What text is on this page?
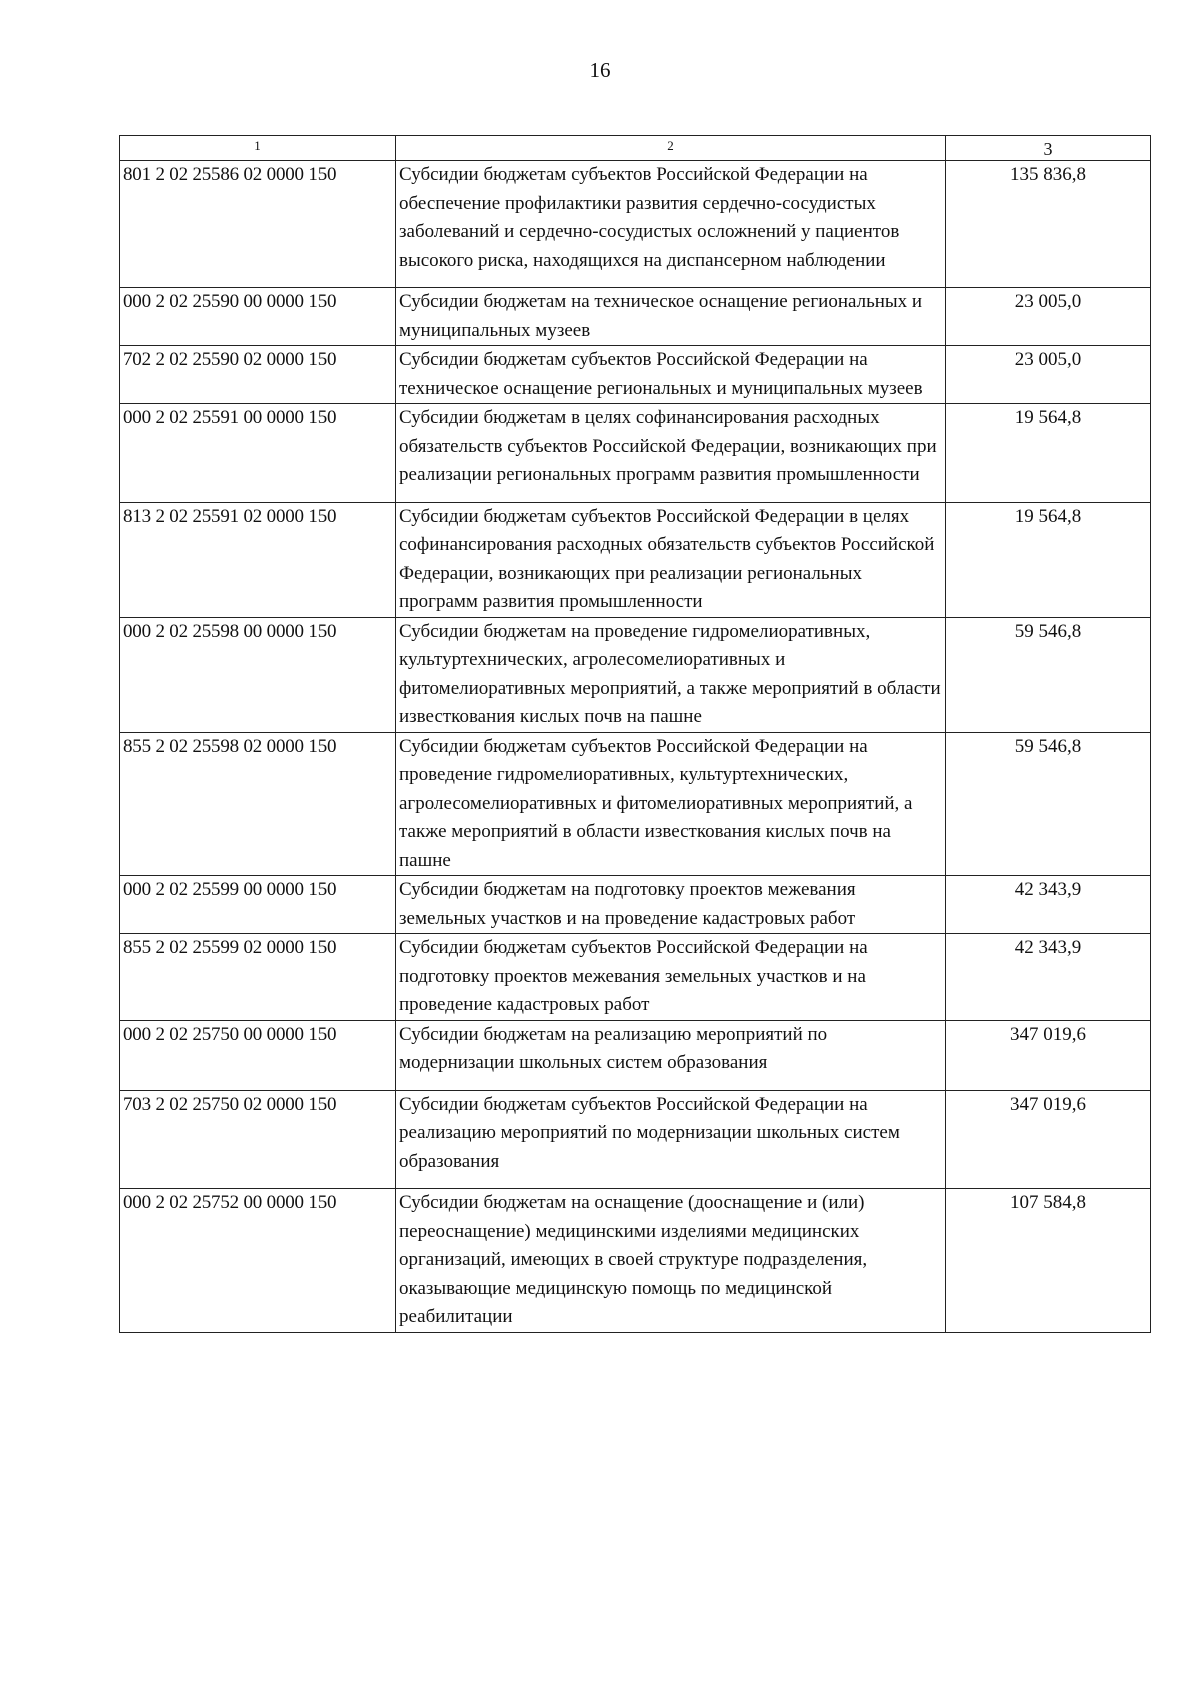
16
1	2	3
801 2 02 25586 02 0000 150	Субсидии бюджетам субъектов Российской Федерации на обеспечение профилактики развития сердечно-сосудистых заболеваний и сердечно-сосудистых осложнений у пациентов высокого риска, находящихся на диспансерном наблюдении	135 836,8
000 2 02 25590 00 0000 150	Субсидии бюджетам на техническое оснащение региональных и муниципальных музеев	23 005,0
702 2 02 25590 02 0000 150	Субсидии бюджетам субъектов Российской Федерации на техническое оснащение региональных и муниципальных музеев	23 005,0
000 2 02 25591 00 0000 150	Субсидии бюджетам в целях софинансирования расходных обязательств субъектов Российской Федерации, возникающих при реализации региональных программ развития промышленности	19 564,8
813 2 02 25591 02 0000 150	Субсидии бюджетам субъектов Российской Федерации в целях софинансирования расходных обязательств субъектов Российской Федерации, возникающих при реализации региональных программ развития промышленности	19 564,8
000 2 02 25598 00 0000 150	Субсидии бюджетам на проведение гидромелиоративных, культуртехнических, агролесомелиоративных и фитомелиоративных мероприятий, а также мероприятий в области известкования кислых почв на пашне	59 546,8
855 2 02 25598 02 0000 150	Субсидии бюджетам субъектов Российской Федерации на проведение гидромелиоративных, культуртехнических, агролесомелиоративных и фитомелиоративных мероприятий, а также мероприятий в области известкования кислых почв на пашне	59 546,8
000 2 02 25599 00 0000 150	Субсидии бюджетам на подготовку проектов межевания земельных участков и на проведение кадастровых работ	42 343,9
855 2 02 25599 02 0000 150	Субсидии бюджетам субъектов Российской Федерации на подготовку проектов межевания земельных участков и на проведение кадастровых работ	42 343,9
000 2 02 25750 00 0000 150	Субсидии бюджетам на реализацию мероприятий по модернизации школьных систем образования	347 019,6
703 2 02 25750 02 0000 150	Субсидии бюджетам субъектов Российской Федерации на реализацию мероприятий по модернизации школьных систем образования	347 019,6
000 2 02 25752 00 0000 150	Субсидии бюджетам на оснащение (дооснащение и (или) переоснащение) медицинскими изделиями медицинских организаций, имеющих в своей структуре подразделения, оказывающие медицинскую помощь по медицинской реабилитации	107 584,8
